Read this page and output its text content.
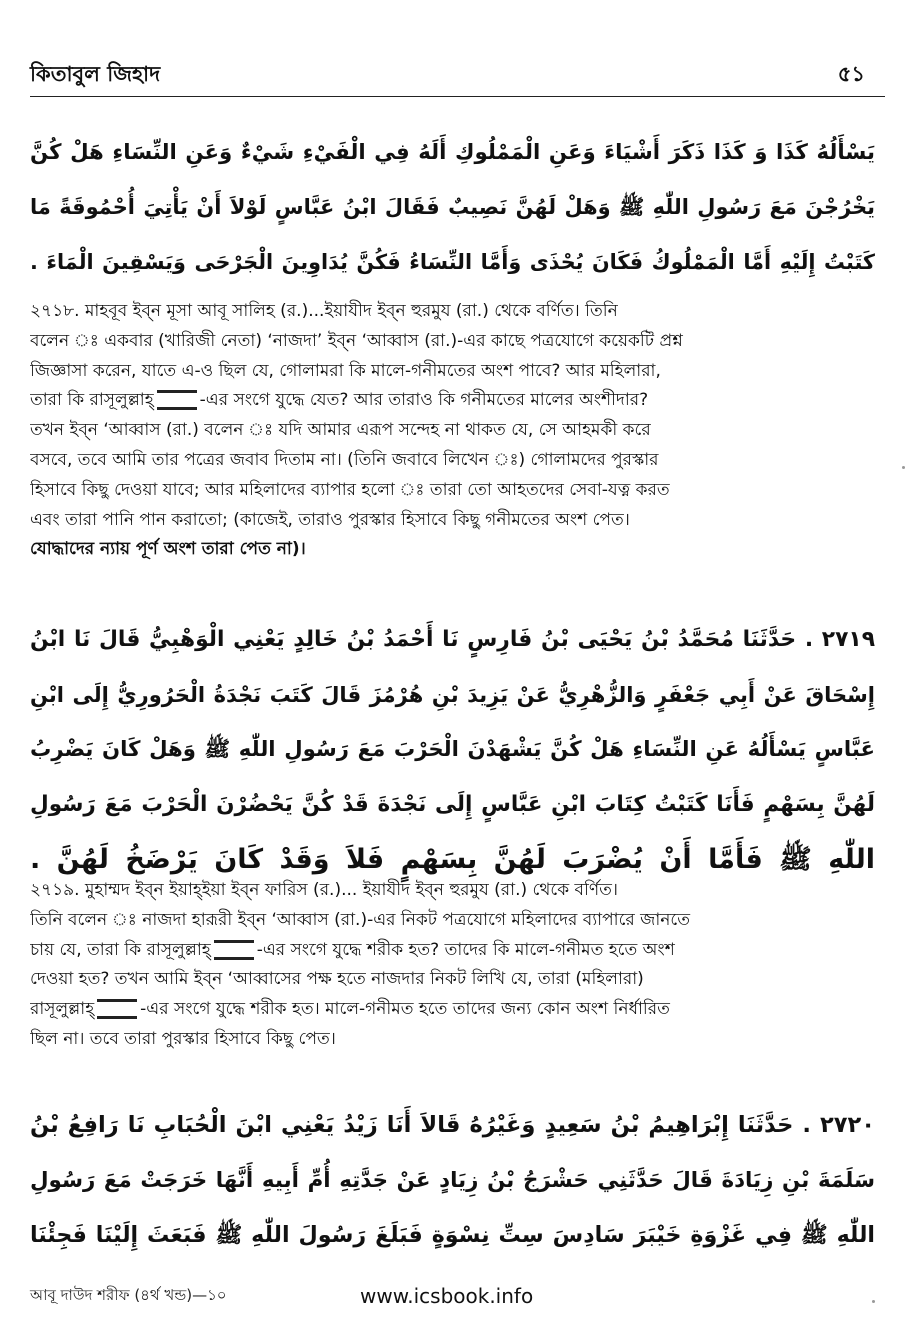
কিতাবুল জিহাদ	৫১
يَسْأَلُهُ كَذَا وَ كَذَا ذَكَرَ أَشْيَاءَ وَعَنِ الْمَمْلُوكِ أَلَهُ فِي الْفَيْءِ شَيْءٌ وَعَنِ النِّسَاءِ هَلْ كُنَّ
يَخْرُجْنَ مَعَ رَسُولِ اللّٰهِ ﷺ وَهَلْ لَهُنَّ نَصِيبٌ فَقَالَ ابْنُ عَبَّاسٍ لَوْلاَ أَنْ يَأْتِيَ أُحْمُوقَةً مَا
كَتَبْتُ إِلَيْهِ أَمَّا الْمَمْلُوكُ فَكَانَ يُحْذَى وَأَمَّا النِّسَاءُ فَكُنَّ يُدَاوِينَ الْجَرْحَى وَيَسْقِينَ الْمَاءَ .
২৭১৮. মাহবূব ইব্‌ন মূসা আবূ সালিহ (র.)...ইয়াযীদ ইব্‌ন হুরমুয (রা.) থেকে বর্ণিত। তিনি
বলেন ঃ একবার (খারিজী নেতা) ‘নাজদা’ ইব্‌ন ‘আব্বাস (রা.)-এর কাছে পত্রযোগে কয়েকটি প্রশ্ন
জিজ্ঞাসা করেন, যাতে এ-ও ছিল যে, গোলামরা কি মালে-গনীমতের অংশ পাবে? আর মহিলারা,
তারা কি রাসূলুল্লাহ্	-এর সংগে যুদ্ধে যেত? আর তারাও কি গনীমতের মালের অংশীদার?
তখন ইব্‌ন ‘আব্বাস (রা.) বলেন ঃ যদি আমার এরূপ সন্দেহ না থাকত যে, সে আহমকী করে
বসবে, তবে আমি তার পত্রের জবাব দিতাম না। (তিনি জবাবে লিখেন ঃ) গোলামদের পুরস্কার
হিসাবে কিছু দেওয়া যাবে; আর মহিলাদের ব্যাপার হলো ঃ তারা তো আহতদের সেবা-যত্ন করত
এবং তারা পানি পান করাতো; (কাজেই, তারাও পুরস্কার হিসাবে কিছু গনীমতের অংশ পেত।
যোদ্ধাদের ন্যায় পূর্ণ অংশ তারা পেত না)।
٢٧١٩ . حَدَّثَنَا مُحَمَّدُ بْنُ يَحْيَى بْنُ فَارِسٍ نَا أَحْمَدُ بْنُ خَالِدٍ يَعْنِي الْوَهْبِيُّ قَالَ نَا ابْنُ
إِسْحَاقَ عَنْ أَبِي جَعْفَرٍ وَالزُّهْرِيُّ عَنْ يَزِيدَ بْنِ هُرْمُزَ قَالَ كَتَبَ نَجْدَةُ الْحَرُورِيُّ إِلَى ابْنِ
عَبَّاسٍ يَسْأَلُهُ عَنِ النِّسَاءِ هَلْ كُنَّ يَشْهَدْنَ الْحَرْبَ مَعَ رَسُولِ اللّٰهِ ﷺ وَهَلْ كَانَ يَضْرِبُ
لَهُنَّ بِسَهْمٍ فَأَنَا كَتَبْتُ كِتَابَ ابْنِ عَبَّاسٍ إِلَى نَجْدَةَ قَدْ كُنَّ يَحْضُرْنَ الْحَرْبَ مَعَ رَسُولِ
اللّٰهِ ﷺ فَأَمَّا أَنْ يُضْرَبَ لَهُنَّ بِسَهْمٍ فَلاَ وَقَدْ كَانَ يَرْضَخُ لَهُنَّ .
২৭১৯. মুহাম্মদ ইব্‌ন ইয়াহ্‌ইয়া ইব্‌ন ফারিস (র.)... ইয়াযীদ ইব্‌ন হুরমুয (রা.) থেকে বর্ণিত।
তিনি বলেন ঃ নাজদা হারূরী ইব্‌ন ‘আব্বাস (রা.)-এর নিকট পত্রযোগে মহিলাদের ব্যাপারে জানতে
চায় যে, তারা কি রাসূলুল্লাহ্	-এর সংগে যুদ্ধে শরীক হত? তাদের কি মালে-গনীমত হতে অংশ
দেওয়া হত? তখন আমি ইব্‌ন ‘আব্বাসের পক্ষ হতে নাজদার নিকট লিখি যে, তারা (মহিলারা)
রাসূলুল্লাহ্	-এর সংগে যুদ্ধে শরীক হত। মালে-গনীমত হতে তাদের জন্য কোন অংশ নির্ধারিত
ছিল না। তবে তারা পুরস্কার হিসাবে কিছু পেত।
٢٧٢٠ . حَدَّثَنَا إِبْرَاهِيمُ بْنُ سَعِيدٍ وَغَيْرُهُ قَالاَ أَنَا زَيْدُ يَعْنِي ابْنَ الْحُبَابِ نَا رَافِعُ بْنُ
سَلَمَةَ بْنِ زِيَادَةَ قَالَ حَدَّثَنِي حَشْرَجُ بْنُ زِيَادٍ عَنْ جَدَّتِهِ أُمِّ أَبِيهِ أَنَّهَا خَرَجَتْ مَعَ رَسُولِ
اللّٰهِ ﷺ فِي غَزْوَةِ خَيْبَرَ سَادِسَ سِتِّ نِسْوَةٍ فَبَلَغَ رَسُولَ اللّٰهِ ﷺ فَبَعَثَ إِلَيْنَا فَجِئْنَا
আবূ দাউদ শরীফ (৪র্থ খন্ড)—১০	www.icsbook.info
